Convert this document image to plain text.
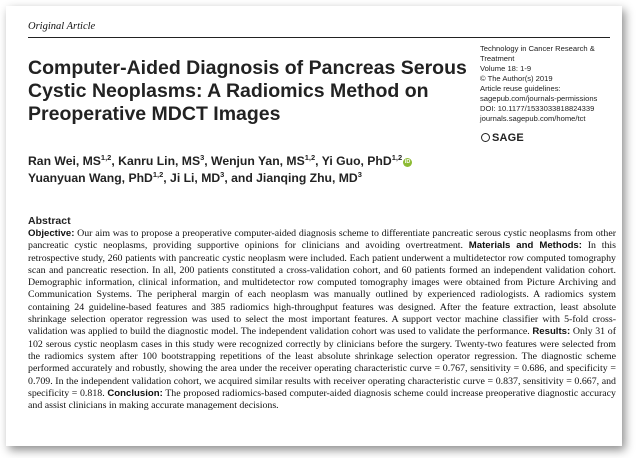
Original Article
Computer-Aided Diagnosis of Pancreas Serous Cystic Neoplasms: A Radiomics Method on Preoperative MDCT Images
Technology in Cancer Research &
Treatment
Volume 18: 1-9
© The Author(s) 2019
Article reuse guidelines:
sagepub.com/journals-permissions
DOI: 10.1177/1533033818824339
journals.sagepub.com/home/tct
SAGE
Ran Wei, MS$^{1,2}$, Kanru Lin, $MS^3$, Wenjun Yan, MS$^{1,2}$, Yi Guo, PhD$^{1,2}$ iD
Yuanyuan Wang, PhD$^{1,2}$, Ji Li, $MD^3$, and Jianqing Zhu, $MD^3$
Abstract
Objective: Our aim was to propose a preoperative computer-aided diagnosis scheme to differentiate pancreatic serous cystic neoplasms from other pancreatic cystic neoplasms, providing supportive opinions for clinicians and avoiding overtreatment. Materials and Methods: In this retrospective study, 260 patients with pancreatic cystic neoplasm were included. Each patient underwent a multidetector row computed tomography scan and pancreatic resection. In all, 200 patients constituted a cross-validation cohort, and 60 patients formed an independent validation cohort. Demographic information, clinical information, and multidetector row computed tomography images were obtained from Picture Archiving and Communication Systems. The peripheral margin of each neoplasm was manually outlined by experienced radiologists. A radiomics system containing 24 guideline-based features and 385 radiomics high-throughput features was designed. After the feature extraction, least absolute shrinkage selection operator regression was used to select the most important features. A support vector machine classifier with 5-fold cross-validation was applied to build the diagnostic model. The independent validation cohort was used to validate the performance. Results: Only 31 of 102 serous cystic neoplasm cases in this study were recognized correctly by clinicians before the surgery. Twenty-two features were selected from the radiomics system after 100 bootstrapping repetitions of the least absolute shrinkage selection operator regression. The diagnostic scheme performed accurately and robustly, showing the area under the receiver operating characteristic curve = 0.767, sensitivity = 0.686, and specificity = 0.709. In the independent validation cohort, we acquired similar results with receiver operating characteristic curve = 0.837, sensitivity = 0.667, and specificity = 0.818. Conclusion: The proposed radiomics-based computer-aided diagnosis scheme could increase preoperative diagnostic accuracy and assist clinicians in making accurate management decisions.
